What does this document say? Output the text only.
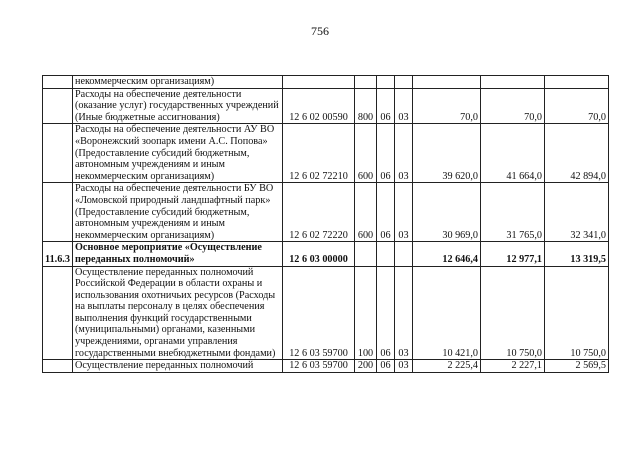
756
	некоммерческим организациям)							
	Расходы на обеспечение деятельности (оказание услуг) государственных учреждений (Иные бюджетные ассигнования)	12 6 02 00590	800	06	03	70,0	70,0	70,0
	Расходы на обеспечение деятельности АУ ВО «Воронежский зоопарк имени А.С. Попова» (Предоставление субсидий бюджетным, автономным учреждениям и иным некоммерческим организациям)	12 6 02 72210	600	06	03	39 620,0	41 664,0	42 894,0
	Расходы на обеспечение деятельности БУ ВО «Ломовской природный ландшафтный парк» (Предоставление субсидий бюджетным, автономным учреждениям и иным некоммерческим организациям)	12 6 02 72220	600	06	03	30 969,0	31 765,0	32 341,0
11.6.3	Основное мероприятие «Осуществление переданных полномочий»	12 6 03 00000				12 646,4	12 977,1	13 319,5
	Осуществление переданных полномочий Российской Федерации в области охраны и использования охотничьих ресурсов (Расходы на выплаты персоналу в целях обеспечения выполнения функций государственными (муниципальными) органами, казенными учреждениями, органами управления государственными внебюджетными фондами)	12 6 03 59700	100	06	03	10 421,0	10 750,0	10 750,0
	Осуществление переданных полномочий	12 6 03 59700	200	06	03	2 225,4	2 227,1	2 569,5
